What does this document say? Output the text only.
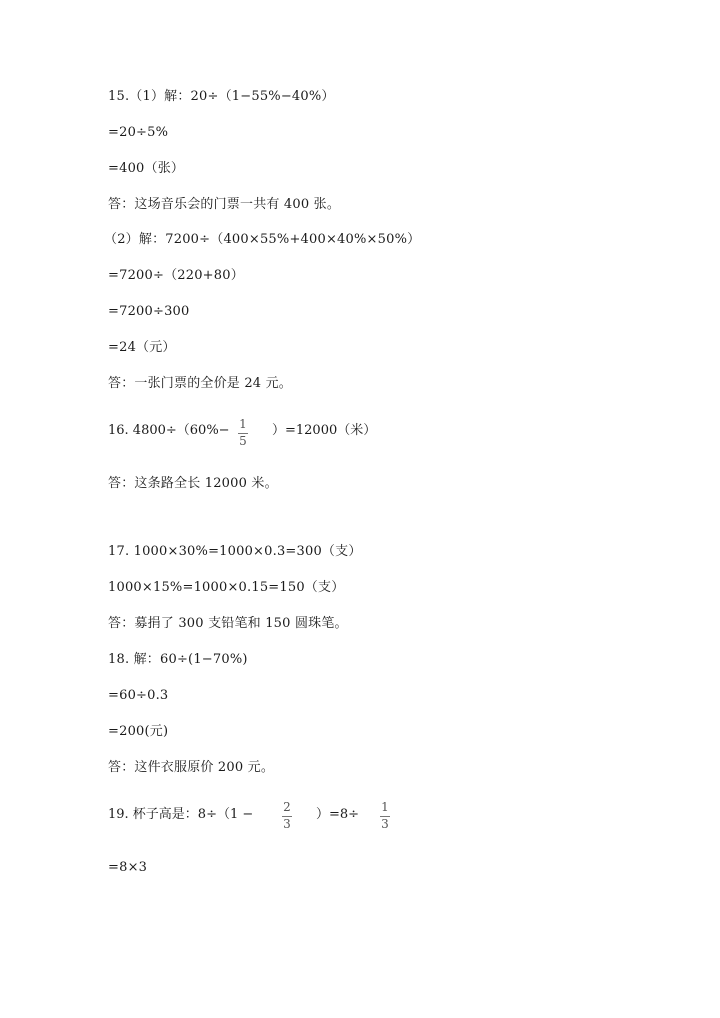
15.（1）解：20÷（1−55%−40%）
=20÷5%
=400（张）
答：这场音乐会的门票一共有 400 张。
（2）解：7200÷（400×55%+400×40%×50%）
=7200÷（220+80）
=7200÷300
=24（元）
答：一张门票的全价是 24 元。
16. 4800÷（60%− 1
5
）=12000（米）
答：这条路全长 12000 米。
17. 1000×30%=1000×0.3=300（支）
1000×15%=1000×0.15=150（支）
答：募捐了 300 支铅笔和 150 圆珠笔。
18. 解：60÷(1−70%)
=60÷0.3
=200(元)
答：这件衣服原价 200 元。
19. 杯子高是：8÷（1 − 2
3
）=8÷ 1
3
=8×3
